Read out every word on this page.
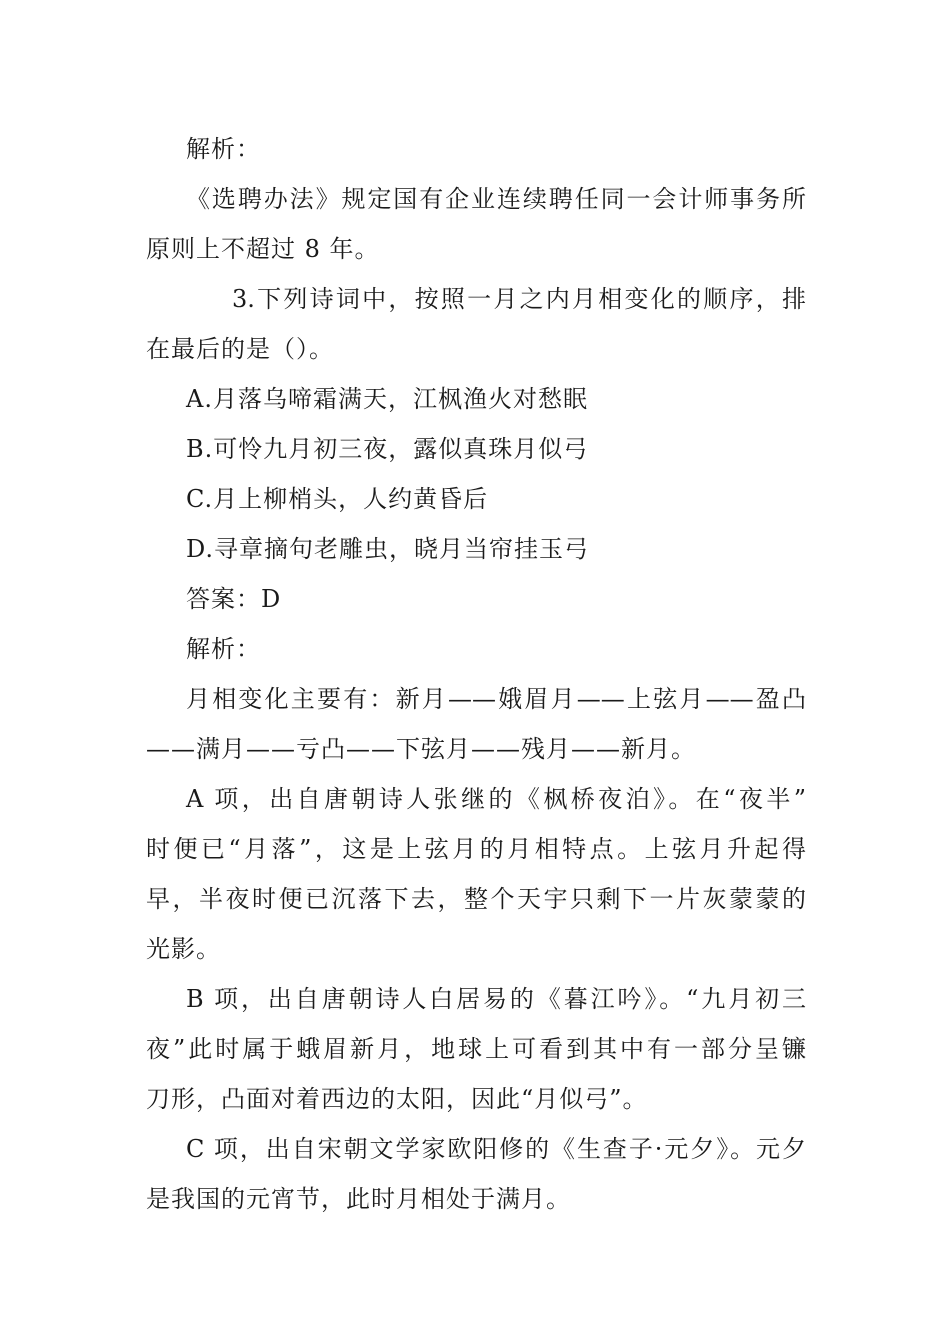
解析：
《选聘办法》规定国有企业连续聘任同一会计师事务所
原则上不超过 8 年。
3.下列诗词中，按照一月之内月相变化的顺序，排
在最后的是（）。
A.月落乌啼霜满天，江枫渔火对愁眠
B.可怜九月初三夜，露似真珠月似弓
C.月上柳梢头，人约黄昏后
D.寻章摘句老雕虫，晓月当帘挂玉弓
答案：D
解析：
月相变化主要有：新月——娥眉月——上弦月——盈凸
——满月——亏凸——下弦月——残月——新月。
A 项，出自唐朝诗人张继的《枫桥夜泊》。在“夜半”
时便已“月落”，这是上弦月的月相特点。上弦月升起得
早，半夜时便已沉落下去，整个天宇只剩下一片灰蒙蒙的
光影。
B 项，出自唐朝诗人白居易的《暮江吟》。“九月初三
夜”此时属于蛾眉新月，地球上可看到其中有一部分呈镰
刀形，凸面对着西边的太阳，因此“月似弓”。
C 项，出自宋朝文学家欧阳修的《生查子·元夕》。元夕
是我国的元宵节，此时月相处于满月。
